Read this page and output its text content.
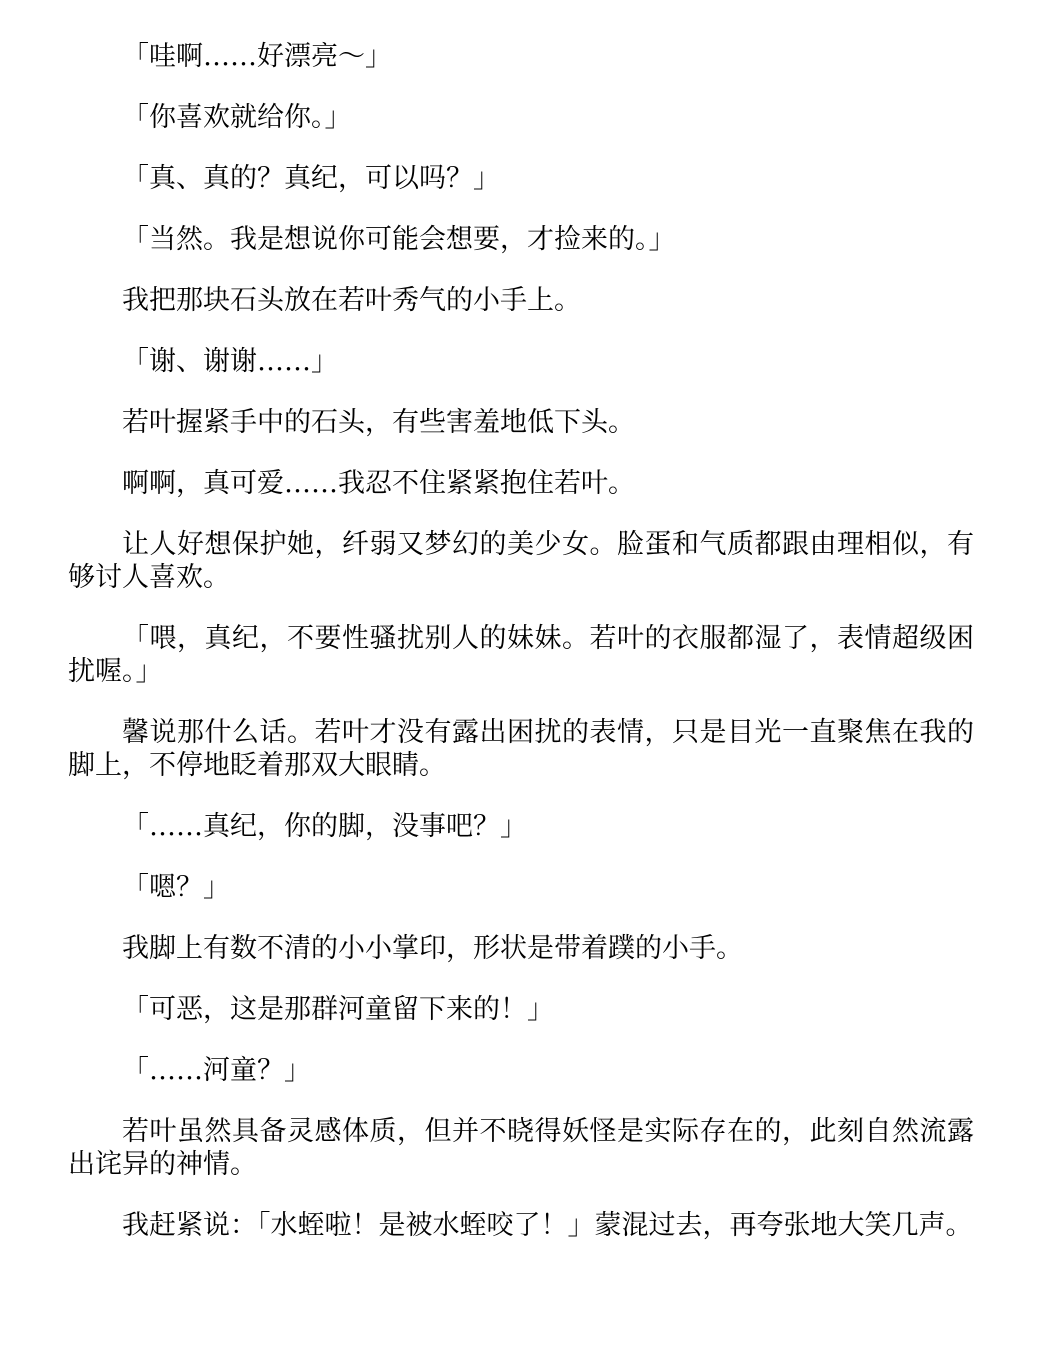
「哇啊……好漂亮～」

「你喜欢就给你。」

「真、真的？真纪，可以吗？」

「当然。我是想说你可能会想要，才捡来的。」

我把那块石头放在若叶秀气的小手上。

「谢、谢谢……」

若叶握紧手中的石头，有些害羞地低下头。

啊啊，真可爱……我忍不住紧紧抱住若叶。

让人好想保护她，纤弱又梦幻的美少女。脸蛋和气质都跟由理相似，有够讨人喜欢。

「喂，真纪，不要性骚扰别人的妹妹。若叶的衣服都湿了，表情超级困扰喔。」

馨说那什么话。若叶才没有露出困扰的表情，只是目光一直聚焦在我的脚上，不停地眨着那双大眼睛。

「……真纪，你的脚，没事吧？」

「嗯？」

我脚上有数不清的小小掌印，形状是带着蹼的小手。

「可恶，这是那群河童留下来的！」

「……河童？」

若叶虽然具备灵感体质，但并不晓得妖怪是实际存在的，此刻自然流露出诧异的神情。

我赶紧说：「水蛭啦！是被水蛭咬了！」蒙混过去，再夸张地大笑几声。
